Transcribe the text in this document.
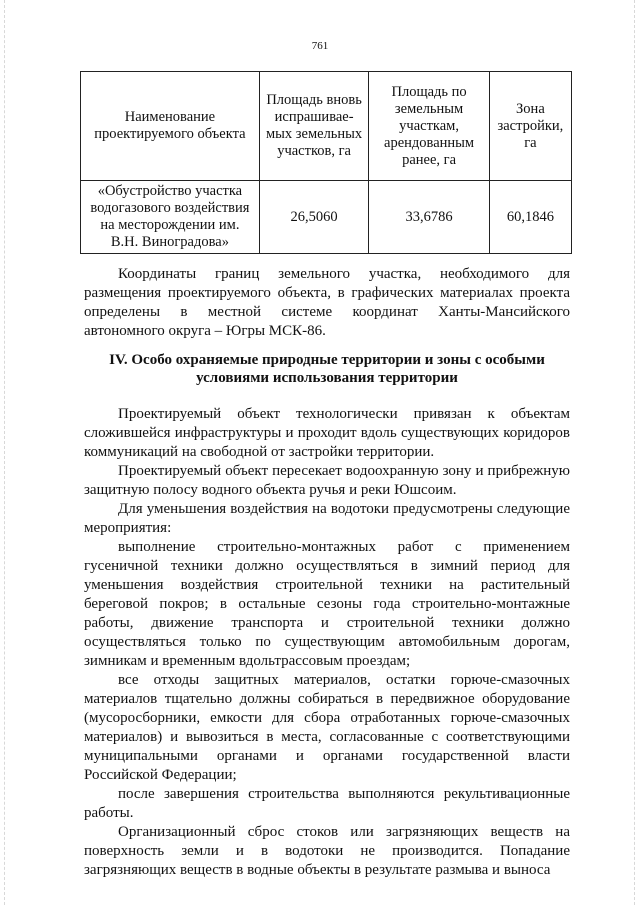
761
Наименование проектируемого объекта	Площадь вновь испрашивае-мых земельных участков, га	Площадь по земельным участкам, арендованным ранее, га	Зона застройки, га
«Обустройство участка водогазового воздействия на месторождении им. В.Н. Виноградова»	26,5060	33,6786	60,1846

Координаты границ земельного участка, необходимого для размещения проектируемого объекта, в графических материалах проекта определены в местной системе координат Ханты-Мансийского автономного округа – Югры МСК-86.

IV. Особо охраняемые природные территории и зоны с особыми условиями использования территории

Проектируемый объект технологически привязан к объектам сложившейся инфраструктуры и проходит вдоль существующих коридоров коммуникаций на свободной от застройки территории.

Проектируемый объект пересекает водоохранную зону и прибрежную защитную полосу водного объекта ручья и реки Юшсоим.

Для уменьшения воздействия на водотоки предусмотрены следующие мероприятия:

выполнение строительно-монтажных работ с применением гусеничной техники должно осуществляться в зимний период для уменьшения воздействия строительной техники на растительный береговой покров; в остальные сезоны года строительно-монтажные работы, движение транспорта и строительной техники должно осуществляться только по существующим автомобильным дорогам, зимникам и временным вдольтрассовым проездам;

все отходы защитных материалов, остатки горюче-смазочных материалов тщательно должны собираться в передвижное оборудование (мусоросборники, емкости для сбора отработанных горюче-смазочных материалов) и вывозиться в места, согласованные с соответствующими муниципальными органами и органами государственной власти Российской Федерации;

после завершения строительства выполняются рекультивационные работы.

Организационный сброс стоков или загрязняющих веществ на поверхность земли и в водотоки не производится. Попадание загрязняющих веществ в водные объекты в результате размыва и выноса
